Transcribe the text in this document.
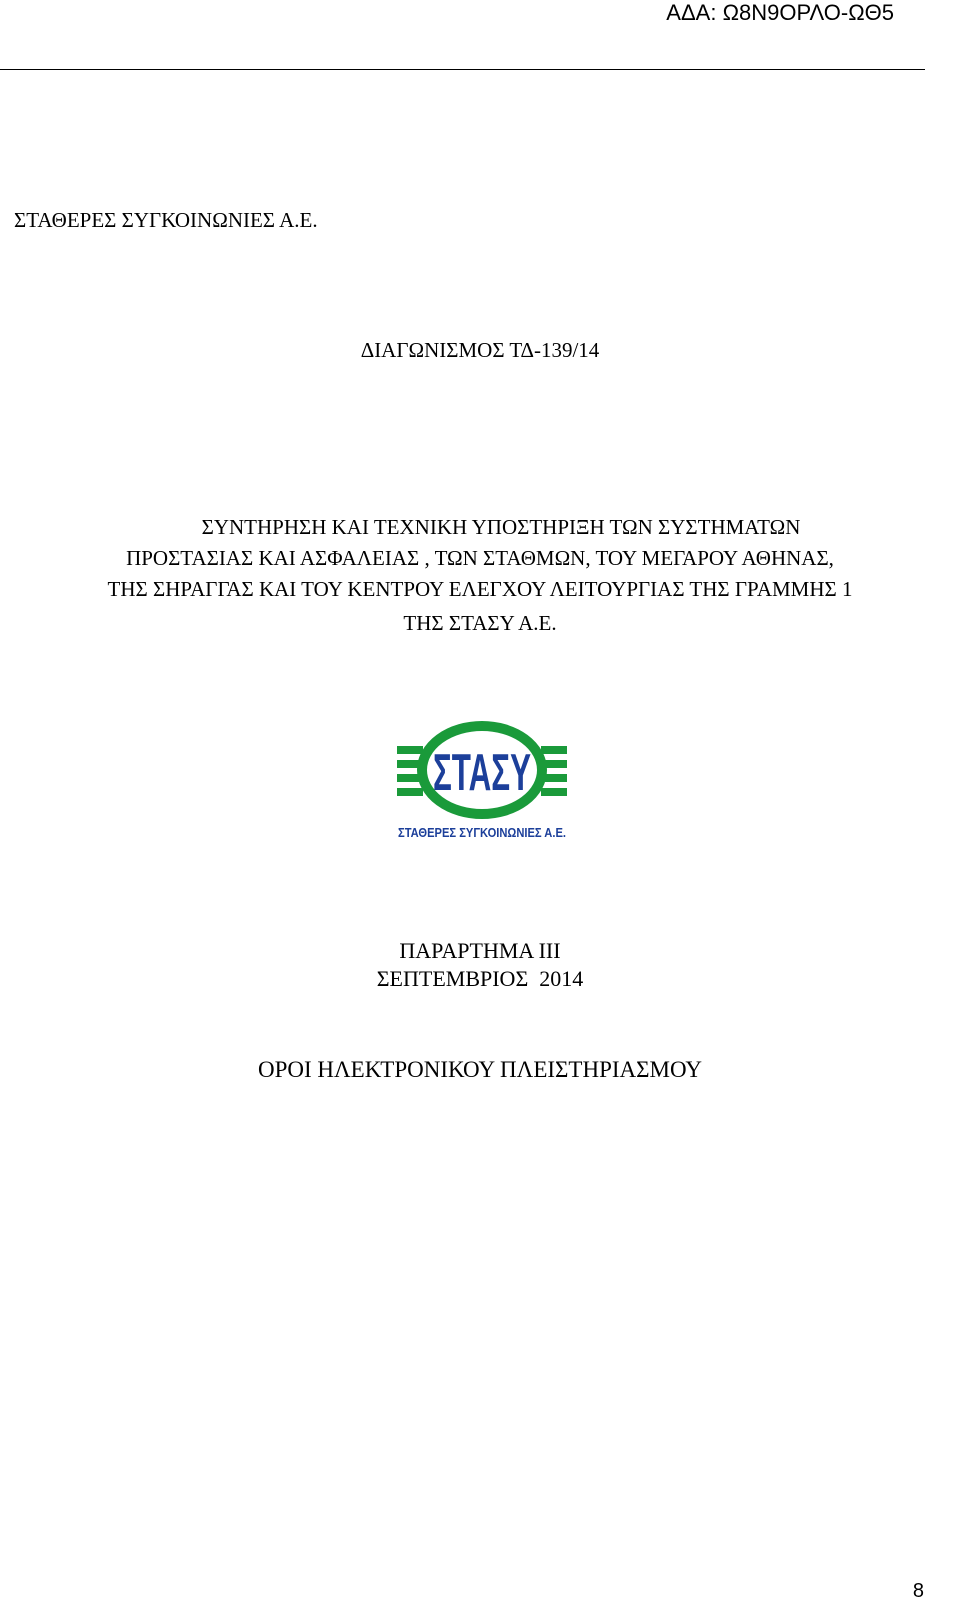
ΑΔΑ: Ω8Ν9ΟΡΛΟ-ΩΘ5
ΣΤΑΘΕΡΕΣ ΣΥΓΚΟΙΝΩΝΙΕΣ Α.Ε.
ΔΙΑΓΩΝΙΣΜΟΣ ΤΔ-139/14
ΣΥΝΤΗΡΗΣΗ ΚΑΙ ΤΕΧΝΙΚΗ ΥΠΟΣΤΗΡΙΞΗ ΤΩΝ ΣΥΣΤΗΜΑΤΩΝ
ΠΡΟΣΤΑΣΙΑΣ ΚΑΙ ΑΣΦΑΛΕΙΑΣ , ΤΩΝ ΣΤΑΘΜΩΝ, ΤΟΥ ΜΕΓΑΡΟΥ ΑΘΗΝΑΣ,
ΤΗΣ ΣΗΡΑΓΓΑΣ ΚΑΙ ΤΟΥ ΚΕΝΤΡΟΥ ΕΛΕΓΧΟΥ ΛΕΙΤΟΥΡΓΙΑΣ ΤΗΣ ΓΡΑΜΜΗΣ 1
ΤΗΣ ΣΤΑΣΥ Α.Ε.
ΣΤΑΣΥ
ΣΤΑΘΕΡΕΣ ΣΥΓΚΟΙΝΩΝΙΕΣ Α.Ε.
ΠΑΡΑΡΤΗΜΑ ΙΙΙ
ΣΕΠΤΕΜΒΡΙΟΣ  2014
ΟΡΟΙ ΗΛΕΚΤΡΟΝΙΚΟΥ ΠΛΕΙΣΤΗΡΙΑΣΜΟΥ
8
